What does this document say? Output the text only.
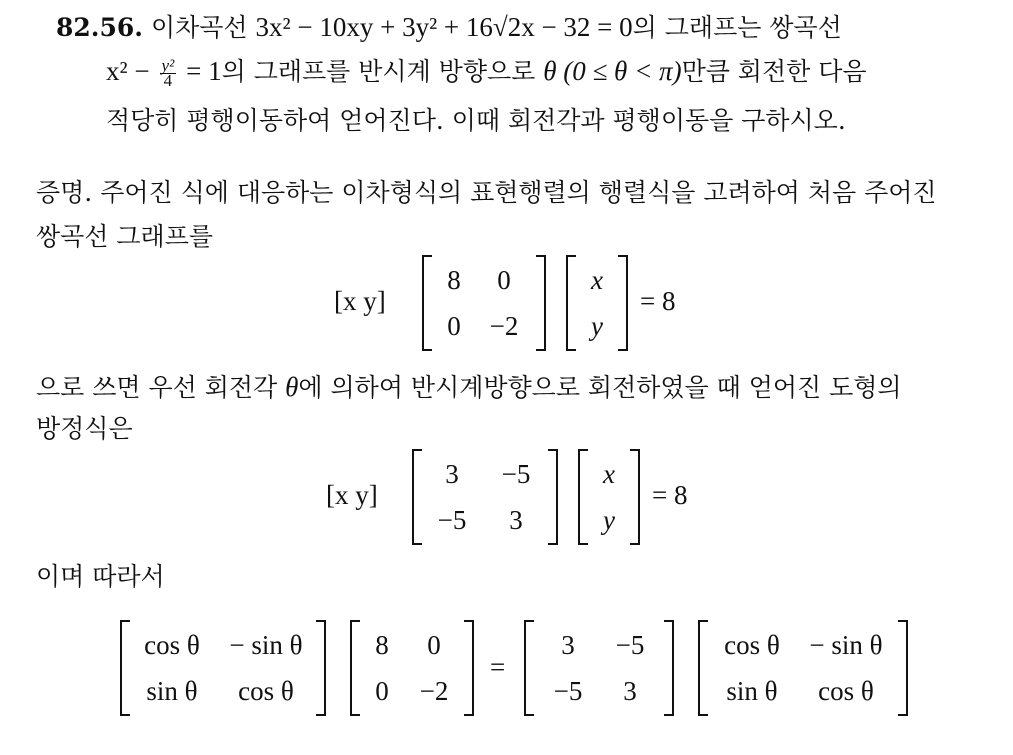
82.56. 이차곡선 3x² − 10xy + 3y² + 16√2x − 32 = 0의 그래프는 쌍곡선
$x^2 - \frac{\text{y²}}{4} = 1$의 그래프를 반시계 방향으로 θ (0 ≤ θ < π)만큼 회전한 다음
적당히 평행이동하여 얻어진다. 이때 회전각과 평행이동을 구하시오.
증명. 주어진 식에 대응하는 이차형식의 표현행렬의 행렬식을 고려하여 처음 주어진
쌍곡선 그래프를
[x y]
8 0
0 −2
x
y
= 8
으로 쓰면 우선 회전각 θ에 의하여 반시계방향으로 회전하였을 때 얻어진 도형의
방정식은
[x y]
3 −5
−5 3
x
y
= 8
이며 따라서
cos θ − sin θ
sin θ cos θ
8 0
0 −2
=
3 −5
−5 3
cos θ − sin θ
sin θ cos θ
